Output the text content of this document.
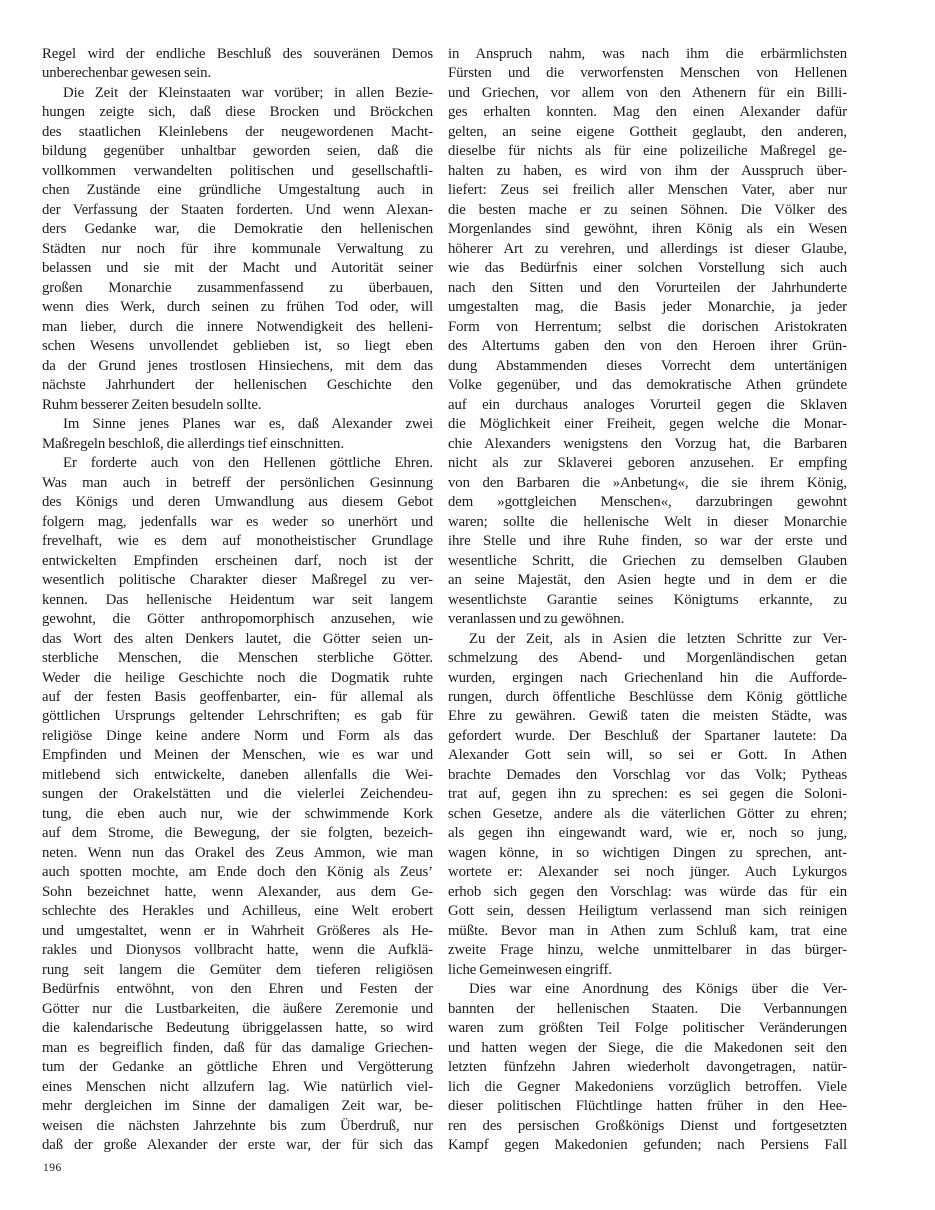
Regel wird der endliche Beschluß des souveränen Demos
unberechenbar gewesen sein.
Die Zeit der Kleinstaaten war vorüber; in allen Bezie-
hungen zeigte sich, daß diese Brocken und Bröckchen
des staatlichen Kleinlebens der neugewordenen Macht-
bildung gegenüber unhaltbar geworden seien, daß die
vollkommen verwandelten politischen und gesellschaftli-
chen Zustände eine gründliche Umgestaltung auch in
der Verfassung der Staaten forderten. Und wenn Alexan-
ders Gedanke war, die Demokratie den hellenischen
Städten nur noch für ihre kommunale Verwaltung zu
belassen und sie mit der Macht und Autorität seiner
großen Monarchie zusammenfassend zu überbauen,
wenn dies Werk, durch seinen zu frühen Tod oder, will
man lieber, durch die innere Notwendigkeit des helleni-
schen Wesens unvollendet geblieben ist, so liegt eben
da der Grund jenes trostlosen Hinsiechens, mit dem das
nächste Jahrhundert der hellenischen Geschichte den
Ruhm besserer Zeiten besudeln sollte.
Im Sinne jenes Planes war es, daß Alexander zwei
Maßregeln beschloß, die allerdings tief einschnitten.
Er forderte auch von den Hellenen göttliche Ehren.
Was man auch in betreff der persönlichen Gesinnung
des Königs und deren Umwandlung aus diesem Gebot
folgern mag, jedenfalls war es weder so unerhört und
frevelhaft, wie es dem auf monotheistischer Grundlage
entwickelten Empfinden erscheinen darf, noch ist der
wesentlich politische Charakter dieser Maßregel zu ver-
kennen. Das hellenische Heidentum war seit langem
gewohnt, die Götter anthropomorphisch anzusehen, wie
das Wort des alten Denkers lautet, die Götter seien un-
sterbliche Menschen, die Menschen sterbliche Götter.
Weder die heilige Geschichte noch die Dogmatik ruhte
auf der festen Basis geoffenbarter, ein- für allemal als
göttlichen Ursprungs geltender Lehrschriften; es gab für
religiöse Dinge keine andere Norm und Form als das
Empfinden und Meinen der Menschen, wie es war und
mitlebend sich entwickelte, daneben allenfalls die Wei-
sungen der Orakelstätten und die vielerlei Zeichendeu-
tung, die eben auch nur, wie der schwimmende Kork
auf dem Strome, die Bewegung, der sie folgten, bezeich-
neten. Wenn nun das Orakel des Zeus Ammon, wie man
auch spotten mochte, am Ende doch den König als Zeus’
Sohn bezeichnet hatte, wenn Alexander, aus dem Ge-
schlechte des Herakles und Achilleus, eine Welt erobert
und umgestaltet, wenn er in Wahrheit Größeres als He-
rakles und Dionysos vollbracht hatte, wenn die Aufklä-
rung seit langem die Gemüter dem tieferen religiösen
Bedürfnis entwöhnt, von den Ehren und Festen der
Götter nur die Lustbarkeiten, die äußere Zeremonie und
die kalendarische Bedeutung übriggelassen hatte, so wird
man es begreiflich finden, daß für das damalige Griechen-
tum der Gedanke an göttliche Ehren und Vergötterung
eines Menschen nicht allzufern lag. Wie natürlich viel-
mehr dergleichen im Sinne der damaligen Zeit war, be-
weisen die nächsten Jahrzehnte bis zum Überdruß, nur
daß der große Alexander der erste war, der für sich das
in Anspruch nahm, was nach ihm die erbärmlichsten
Fürsten und die verworfensten Menschen von Hellenen
und Griechen, vor allem von den Athenern für ein Billi-
ges erhalten konnten. Mag den einen Alexander dafür
gelten, an seine eigene Gottheit geglaubt, den anderen,
dieselbe für nichts als für eine polizeiliche Maßregel ge-
halten zu haben, es wird von ihm der Ausspruch über-
liefert: Zeus sei freilich aller Menschen Vater, aber nur
die besten mache er zu seinen Söhnen. Die Völker des
Morgenlandes sind gewöhnt, ihren König als ein Wesen
höherer Art zu verehren, und allerdings ist dieser Glaube,
wie das Bedürfnis einer solchen Vorstellung sich auch
nach den Sitten und den Vorurteilen der Jahrhunderte
umgestalten mag, die Basis jeder Monarchie, ja jeder
Form von Herrentum; selbst die dorischen Aristokraten
des Altertums gaben den von den Heroen ihrer Grün-
dung Abstammenden dieses Vorrecht dem untertänigen
Volke gegenüber, und das demokratische Athen gründete
auf ein durchaus analoges Vorurteil gegen die Sklaven
die Möglichkeit einer Freiheit, gegen welche die Monar-
chie Alexanders wenigstens den Vorzug hat, die Barbaren
nicht als zur Sklaverei geboren anzusehen. Er empfing
von den Barbaren die »Anbetung«, die sie ihrem König,
dem »gottgleichen Menschen«, darzubringen gewohnt
waren; sollte die hellenische Welt in dieser Monarchie
ihre Stelle und ihre Ruhe finden, so war der erste und
wesentliche Schritt, die Griechen zu demselben Glauben
an seine Majestät, den Asien hegte und in dem er die
wesentlichste Garantie seines Königtums erkannte, zu
veranlassen und zu gewöhnen.
Zu der Zeit, als in Asien die letzten Schritte zur Ver-
schmelzung des Abend- und Morgenländischen getan
wurden, ergingen nach Griechenland hin die Aufforde-
rungen, durch öffentliche Beschlüsse dem König göttliche
Ehre zu gewähren. Gewiß taten die meisten Städte, was
gefordert wurde. Der Beschluß der Spartaner lautete: Da
Alexander Gott sein will, so sei er Gott. In Athen
brachte Demades den Vorschlag vor das Volk; Pytheas
trat auf, gegen ihn zu sprechen: es sei gegen die Soloni-
schen Gesetze, andere als die väterlichen Götter zu ehren;
als gegen ihn eingewandt ward, wie er, noch so jung,
wagen könne, in so wichtigen Dingen zu sprechen, ant-
wortete er: Alexander sei noch jünger. Auch Lykurgos
erhob sich gegen den Vorschlag: was würde das für ein
Gott sein, dessen Heiligtum verlassend man sich reinigen
müßte. Bevor man in Athen zum Schluß kam, trat eine
zweite Frage hinzu, welche unmittelbarer in das bürger-
liche Gemeinwesen eingriff.
Dies war eine Anordnung des Königs über die Ver-
bannten der hellenischen Staaten. Die Verbannungen
waren zum größten Teil Folge politischer Veränderungen
und hatten wegen der Siege, die die Makedonen seit den
letzten fünfzehn Jahren wiederholt davongetragen, natür-
lich die Gegner Makedoniens vorzüglich betroffen. Viele
dieser politischen Flüchtlinge hatten früher in den Hee-
ren des persischen Großkönigs Dienst und fortgesetzten
Kampf gegen Makedonien gefunden; nach Persiens Fall
196
